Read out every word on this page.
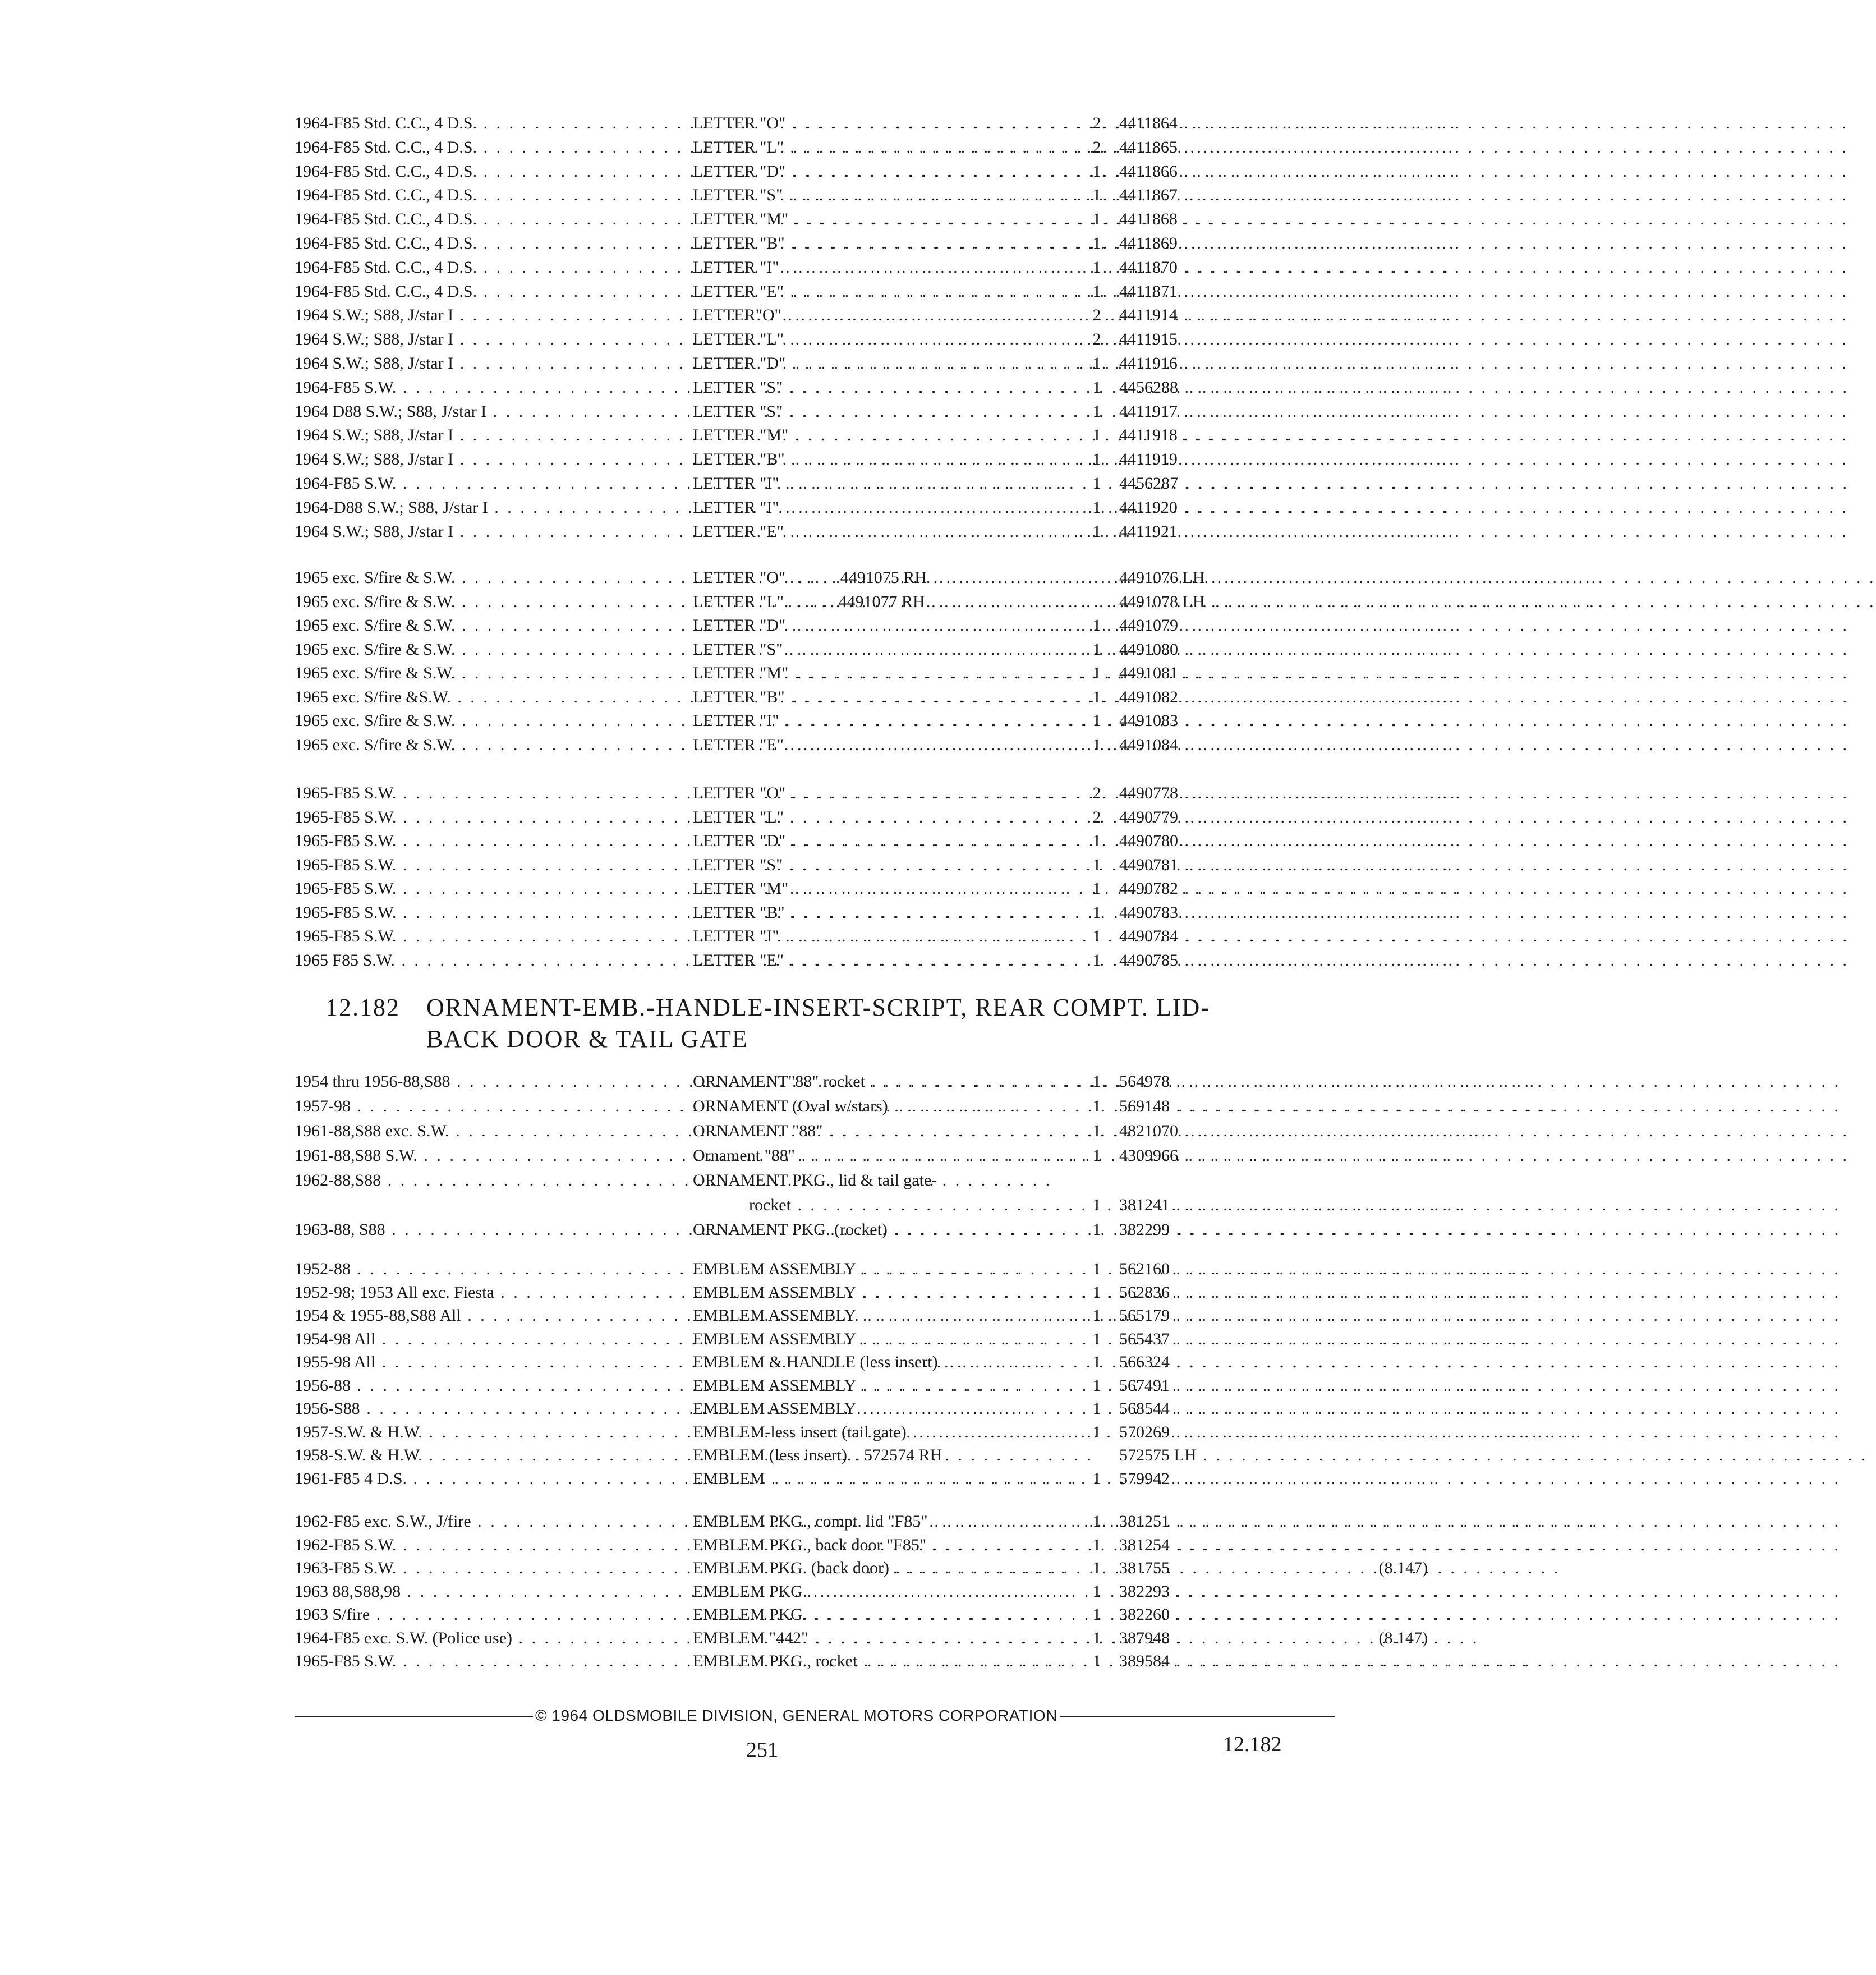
1964-F85 Std. C.C., 4 D.S. . . .	LETTER "O" . . .	2	4411864 . . .
1964-F85 Std. C.C., 4 D.S. . . .	LETTER "L" . . .	2	4411865 . . .
1964-F85 Std. C.C., 4 D.S. . . .	LETTER "D" . . .	1	4411866 . . .
1964-F85 Std. C.C., 4 D.S. . . .	LETTER "S" . . .	1	4411867 . . .
1964-F85 Std. C.C., 4 D.S. . . .	LETTER "M" . . .	1	4411868 . . .
1964-F85 Std. C.C., 4 D.S. . . .	LETTER "B" . . .	1	4411869 . . .
1964-F85 Std. C.C., 4 D.S. . . .	LETTER "I" . . .	1	4411870 . . .
1964-F85 Std. C.C., 4 D.S. . . .	LETTER "E" . . .	1	4411871 . . .
1964 S.W.; S88, J/star I . . .	LETTER"O" . . .	2	4411914 . . .
1964 S.W.; S88, J/star I . . .	LETTER "L" . . .	2	4411915 . . .
1964 S.W.; S88, J/star I . . .	LETTER "D" . . .	1	4411916 . . .
1964-F85 S.W. . . .	LETTER "S" . . .	1	4456288 . . .
1964 D88 S.W.; S88, J/star I . . .	LETTER "S" . . .	1	4411917 . . .
1964 S.W.; S88, J/star I . . .	LETTER "M" . . .	1	4411918 . . .
1964 S.W.; S88, J/star I . . .	LETTER "B" . . .	1	4411919 . . .
1964-F85 S.W. . . .	LETTER "I" . . .	1	4456287 . . .
1964-D88 S.W.; S88, J/star I . . .	LETTER "I" . . .	1	4411920 . . .
1964 S.W.; S88, J/star I . . .	LETTER "E" . . .	1	4411921 . . .
1965 exc. S/fire & S.W. . . .	LETTER "O" . . . . . . 4491075 RH . . .	4491076 LH . . .
1965 exc. S/fire & S.W. . . .	LETTER "L" . . . . . . 4491077 RH . . .	4491078 LH . . .
1965 exc. S/fire & S.W. . . .	LETTER "D" . . .	1	4491079 . . .
1965 exc. S/fire & S.W. . . .	LETTER "S" . . .	1	4491080 . . .
1965 exc. S/fire & S.W. . . .	LETTER "M" . . .	1	4491081 . . .
1965 exc. S/fire &S.W. . . .	LETTER "B" . . .	1	4491082 . . .
1965 exc. S/fire & S.W. . . .	LETTER "I" . . .	1	4491083 . . .
1965 exc. S/fire & S.W. . . .	LETTER "E" . . .	1	4491084 . . .
1965-F85 S.W. . . .	LETTER "O" . . .	2	4490778 . . .
1965-F85 S.W. . . .	LETTER "L" . . .	2	4490779 . . .
1965-F85 S.W. . . .	LETTER "D" . . .	1	4490780 . . .
1965-F85 S.W. . . .	LETTER "S" . . .	1	4490781 . . .
1965-F85 S.W. . . .	LETTER "M" . . .	1	4490782 . . .
1965-F85 S.W. . . .	LETTER "B" . . .	1	4490783 . . .
1965-F85 S.W. . . .	LETTER "I" . . .	1	4490784 . . .
1965 F85 S.W. . . .	LETTER "E" . . .	1	4490785 . . .
1954 thru 1956-88,S88 . . .	ORNAMENT"88" rocket . . .	1	564978 . . .
1957-98 . . .	ORNAMENT (Oval w/stars) . . .	1	569148 . . .
1961-88,S88 exc. S.W. . . .	ORNAMENT "88" . . .	1	4821070 . . .
1961-88,S88 S.W. . . .	Ornament "88" . . .	1	4309966 . . .
1962-88,S88 . . .	ORNAMENT PKG., lid & tail gate-
rocket . . .	1	381241 . . .
1963-88, S88 . . .	ORNAMENT PKG. (rocket) . . .	1	382299 . . .
1952-88 . . .	EMBLEM ASSEMBLY . . .	1	562160 . . .
1952-98; 1953 All exc. Fiesta . . .	EMBLEM ASSEMBLY . . .	1	562836 . . .
1954 & 1955-88,S88 All . . .	EMBLEM ASSEMBLY . . .	1	565179 . . .
1954-98 All . . .	EMBLEM ASSEMBLY . . .	1	565437 . . .
1955-98 All . . .	EMBLEM & HANDLE (less insert) . . .	1	566324 . . .
1956-88 . . .	EMBLEM ASSEMBLY . . .	1	567491 . . .
1956-S88 . . .	EMBLEM ASSEMBLY . . .	1	568544 . . .
1957-S.W. & H.W. . . .	EMBLEM-less insert (tail gate) . . .	1	570269 . . .
1958-S.W. & H.W. . . .	EMBLEM (less insert). . 572574 RH	572575 LH . . .
1961-F85 4 D.S. . . .	EMBLEM . . .	1	579942 . . .
1962-F85 exc. S.W., J/fire . . .	EMBLEM PKG., compt. lid "F85" . . .	1	381251 . . .
1962-F85 S.W. . . .	EMBLEM PKG., back door "F85" . . .	1	381254 . . .
1963-F85 S.W. . . .	EMBLEM PKG. (back door) . . .	1	381755	(8.147)
1963 88,S88,98 . . .	EMBLEM PKG. . . .	1	382293 . . .
1963 S/fire . . .	EMBLEM PKG. . . .	1	382260 . . .
1964-F85 exc. S.W. (Police use) . . .	EMBLEM "442" . . .	1	387948	(8.147)
1965-F85 S.W. . . .	EMBLEM PKG., rocket . . .	1	389584 . . .
12.182 ORNAMENT-EMB.-HANDLE-INSERT-SCRIPT, REAR COMPT. LID-
BACK DOOR & TAIL GATE
© 1964 OLDSMOBILE DIVISION, GENERAL MOTORS CORPORATION
251	12.182
